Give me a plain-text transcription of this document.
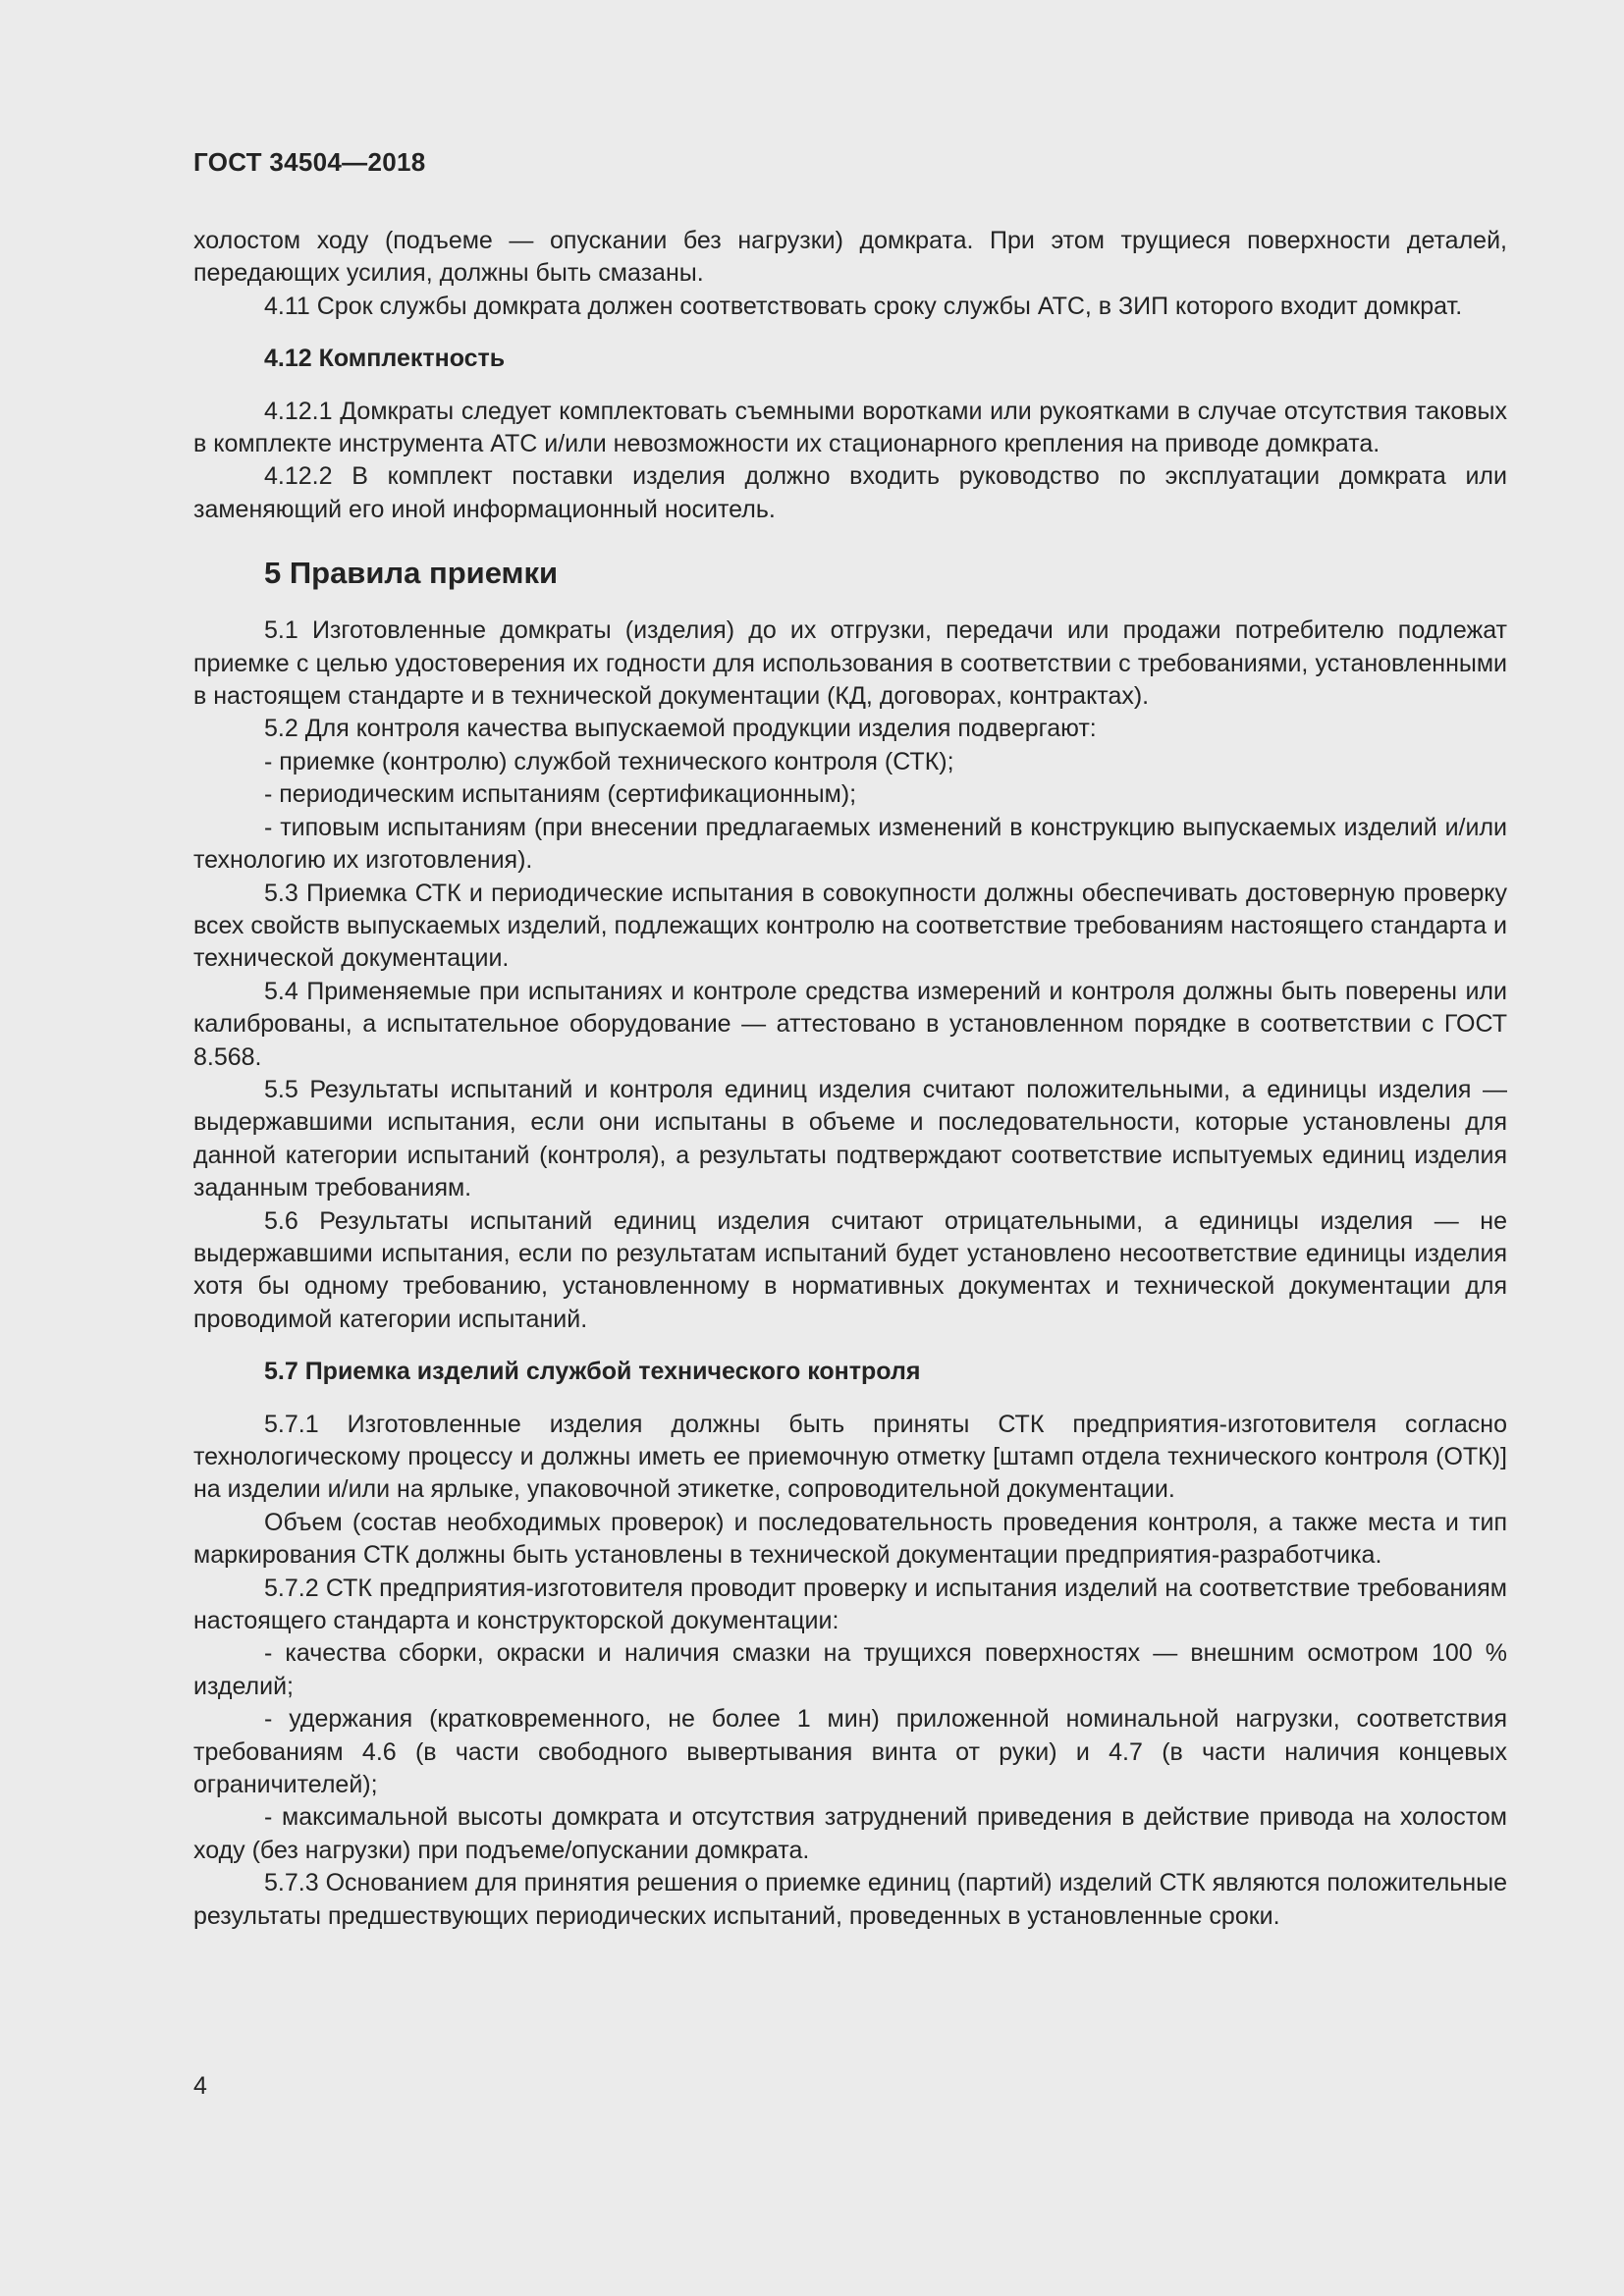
ГОСТ 34504—2018

холостом ходу (подъеме — опускании без нагрузки) домкрата. При этом трущиеся поверхности деталей, передающих усилия, должны быть смазаны.

4.11 Срок службы домкрата должен соответствовать сроку службы АТС, в ЗИП которого входит домкрат.

4.12 Комплектность

4.12.1 Домкраты следует комплектовать съемными воротками или рукоятками в случае отсутствия таковых в комплекте инструмента АТС и/или невозможности их стационарного крепления на приводе домкрата.

4.12.2 В комплект поставки изделия должно входить руководство по эксплуатации домкрата или заменяющий его иной информационный носитель.

5 Правила приемки

5.1 Изготовленные домкраты (изделия) до их отгрузки, передачи или продажи потребителю подлежат приемке с целью удостоверения их годности для использования в соответствии с требованиями, установленными в настоящем стандарте и в технической документации (КД, договорах, контрактах).

5.2 Для контроля качества выпускаемой продукции изделия подвергают:

- приемке (контролю) службой технического контроля (СТК);

- периодическим испытаниям (сертификационным);

- типовым испытаниям (при внесении предлагаемых изменений в конструкцию выпускаемых изделий и/или технологию их изготовления).

5.3 Приемка СТК и периодические испытания в совокупности должны обеспечивать достоверную проверку всех свойств выпускаемых изделий, подлежащих контролю на соответствие требованиям настоящего стандарта и технической документации.

5.4 Применяемые при испытаниях и контроле средства измерений и контроля должны быть поверены или калиброваны, а испытательное оборудование — аттестовано в установленном порядке в соответствии с ГОСТ 8.568.

5.5 Результаты испытаний и контроля единиц изделия считают положительными, а единицы изделия — выдержавшими испытания, если они испытаны в объеме и последовательности, которые установлены для данной категории испытаний (контроля), а результаты подтверждают соответствие испытуемых единиц изделия заданным требованиям.

5.6 Результаты испытаний единиц изделия считают отрицательными, а единицы изделия — не выдержавшими испытания, если по результатам испытаний будет установлено несоответствие единицы изделия хотя бы одному требованию, установленному в нормативных документах и технической документации для проводимой категории испытаний.

5.7 Приемка изделий службой технического контроля

5.7.1 Изготовленные изделия должны быть приняты СТК предприятия-изготовителя согласно технологическому процессу и должны иметь ее приемочную отметку [штамп отдела технического контроля (ОТК)] на изделии и/или на ярлыке, упаковочной этикетке, сопроводительной документации.

Объем (состав необходимых проверок) и последовательность проведения контроля, а также места и тип маркирования СТК должны быть установлены в технической документации предприятия-разработчика.

5.7.2 СТК предприятия-изготовителя проводит проверку и испытания изделий на соответствие требованиям настоящего стандарта и конструкторской документации:

- качества сборки, окраски и наличия смазки на трущихся поверхностях — внешним осмотром 100 % изделий;

- удержания (кратковременного, не более 1 мин) приложенной номинальной нагрузки, соответствия требованиям 4.6 (в части свободного вывертывания винта от руки) и 4.7 (в части наличия концевых ограничителей);

- максимальной высоты домкрата и отсутствия затруднений приведения в действие привода на холостом ходу (без нагрузки) при подъеме/опускании домкрата.

5.7.3 Основанием для принятия решения о приемке единиц (партий) изделий СТК являются положительные результаты предшествующих периодических испытаний, проведенных в установленные сроки.

4
